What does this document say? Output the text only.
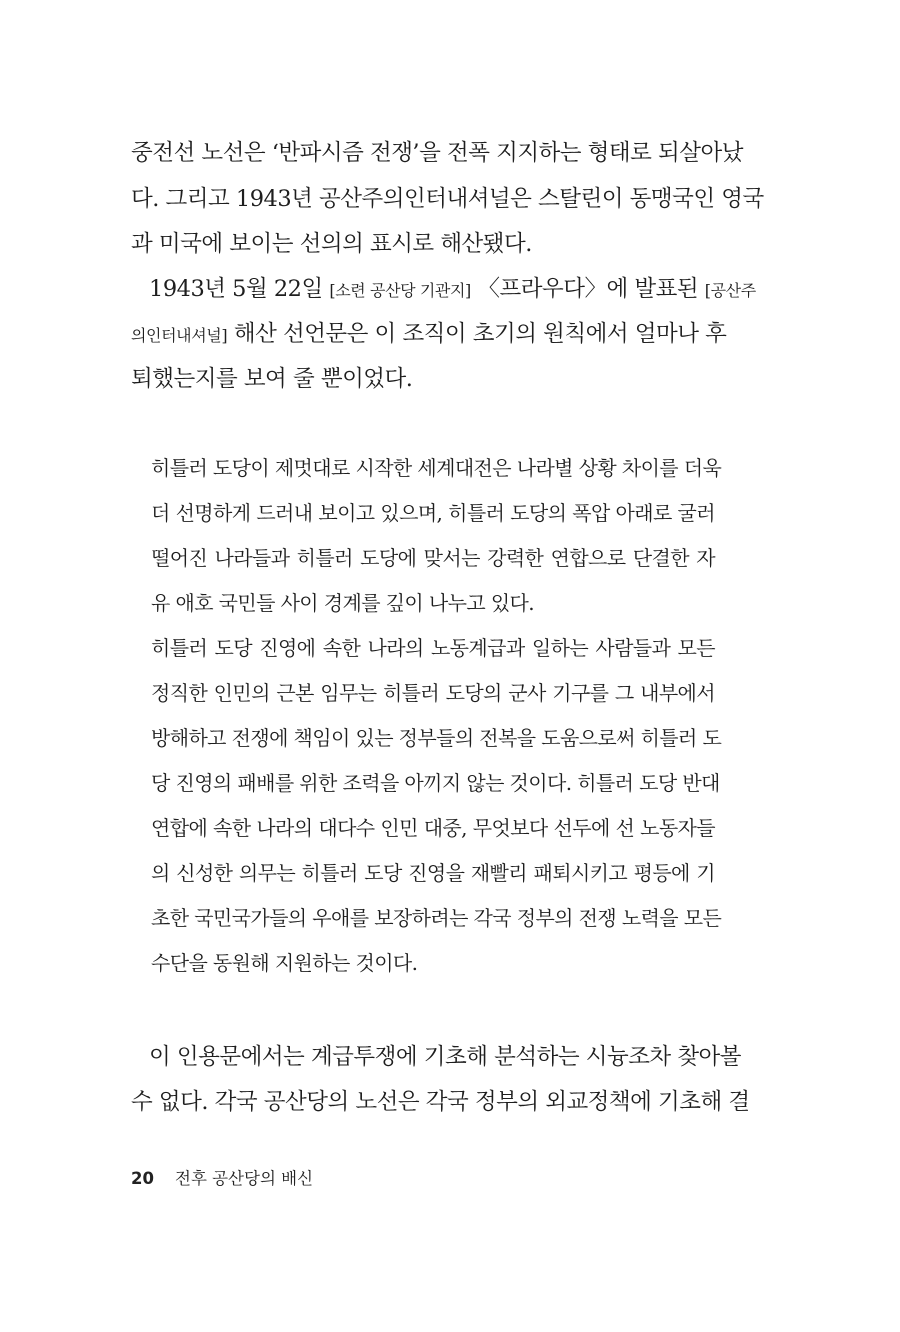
중전선 노선은 ‘반파시즘 전쟁’을 전폭 지지하는 형태로 되살아났
다. 그리고 1943년 공산주의인터내셔널은 스탈린이 동맹국인 영국
과 미국에 보이는 선의의 표시로 해산됐다.
1943년 5월 22일 [소련 공산당 기관지] 〈프라우다〉에 발표된 [공산주
의인터내셔널] 해산 선언문은 이 조직이 초기의 원칙에서 얼마나 후
퇴했는지를 보여 줄 뿐이었다.
히틀러 도당이 제멋대로 시작한 세계대전은 나라별 상황 차이를 더욱
더 선명하게 드러내 보이고 있으며, 히틀러 도당의 폭압 아래로 굴러
떨어진 나라들과 히틀러 도당에 맞서는 강력한 연합으로 단결한 자
유 애호 국민들 사이 경계를 깊이 나누고 있다.
히틀러 도당 진영에 속한 나라의 노동계급과 일하는 사람들과 모든
정직한 인민의 근본 임무는 히틀러 도당의 군사 기구를 그 내부에서
방해하고 전쟁에 책임이 있는 정부들의 전복을 도움으로써 히틀러 도
당 진영의 패배를 위한 조력을 아끼지 않는 것이다. 히틀러 도당 반대
연합에 속한 나라의 대다수 인민 대중, 무엇보다 선두에 선 노동자들
의 신성한 의무는 히틀러 도당 진영을 재빨리 패퇴시키고 평등에 기
초한 국민국가들의 우애를 보장하려는 각국 정부의 전쟁 노력을 모든
수단을 동원해 지원하는 것이다.
이 인용문에서는 계급투쟁에 기초해 분석하는 시늉조차 찾아볼
수 없다. 각국 공산당의 노선은 각국 정부의 외교정책에 기초해 결
20 전후 공산당의 배신
